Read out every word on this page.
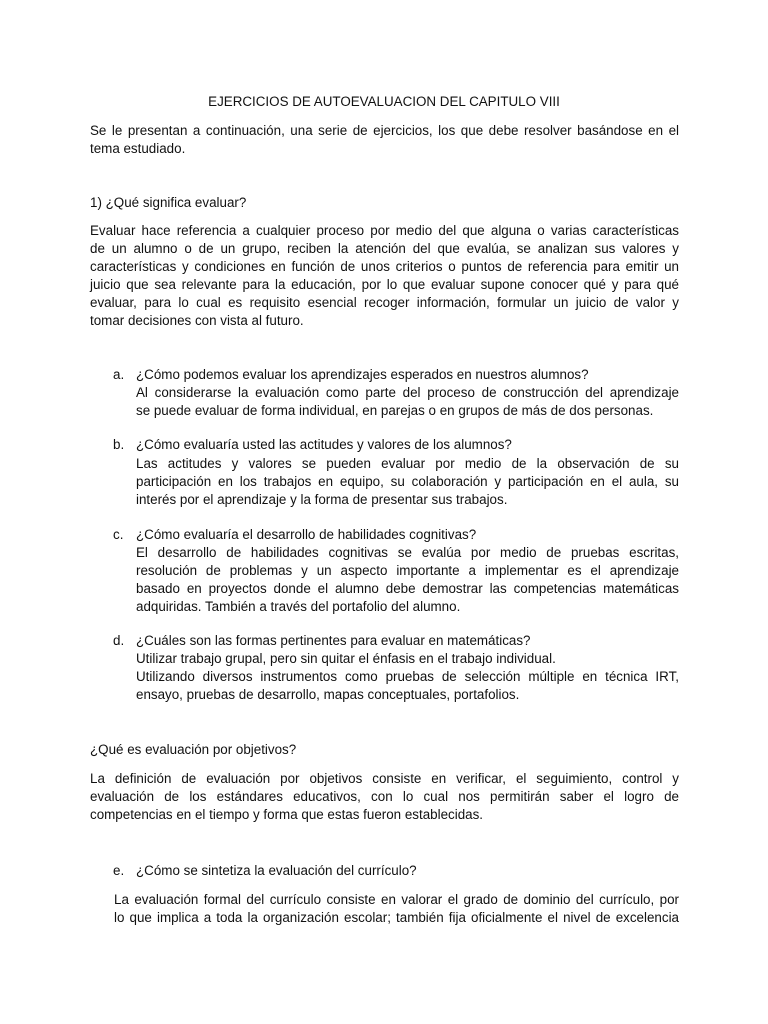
EJERCICIOS DE AUTOEVALUACION DEL CAPITULO VIII
Se le presentan a continuación, una serie de ejercicios, los que debe resolver basándose en el
tema estudiado.
1) ¿Qué significa evaluar?
Evaluar hace referencia a cualquier proceso por medio del que alguna o varias características
de un alumno o de un grupo, reciben la atención del que evalúa, se analizan sus valores y
características y condiciones en función de unos criterios o puntos de referencia para emitir un
juicio que sea relevante para la educación, por lo que evaluar supone conocer qué y para qué
evaluar, para lo cual es requisito esencial recoger información, formular un juicio de valor y
tomar decisiones con vista al futuro.
a. ¿Cómo podemos evaluar los aprendizajes esperados en nuestros alumnos?
Al considerarse la evaluación como parte del proceso de construcción del aprendizaje
se puede evaluar de forma individual, en parejas o en grupos de más de dos personas.
b. ¿Cómo evaluaría usted las actitudes y valores de los alumnos?
Las actitudes y valores se pueden evaluar por medio de la observación de su
participación en los trabajos en equipo, su colaboración y participación en el aula, su
interés por el aprendizaje y la forma de presentar sus trabajos.
c. ¿Cómo evaluaría el desarrollo de habilidades cognitivas?
El desarrollo de habilidades cognitivas se evalúa por medio de pruebas escritas,
resolución de problemas y un aspecto importante a implementar es el aprendizaje
basado en proyectos donde el alumno debe demostrar las competencias matemáticas
adquiridas. También a través del portafolio del alumno.
d. ¿Cuáles son las formas pertinentes para evaluar en matemáticas?
Utilizar trabajo grupal, pero sin quitar el énfasis en el trabajo individual.
Utilizando diversos instrumentos como pruebas de selección múltiple en técnica IRT,
ensayo, pruebas de desarrollo, mapas conceptuales, portafolios.
¿Qué es evaluación por objetivos?
La definición de evaluación por objetivos consiste en verificar, el seguimiento, control y
evaluación de los estándares educativos, con lo cual nos permitirán saber el logro de
competencias en el tiempo y forma que estas fueron establecidas.
e. ¿Cómo se sintetiza la evaluación del currículo?
La evaluación formal del currículo consiste en valorar el grado de dominio del currículo, por
lo que implica a toda la organización escolar; también fija oficialmente el nivel de excelencia
